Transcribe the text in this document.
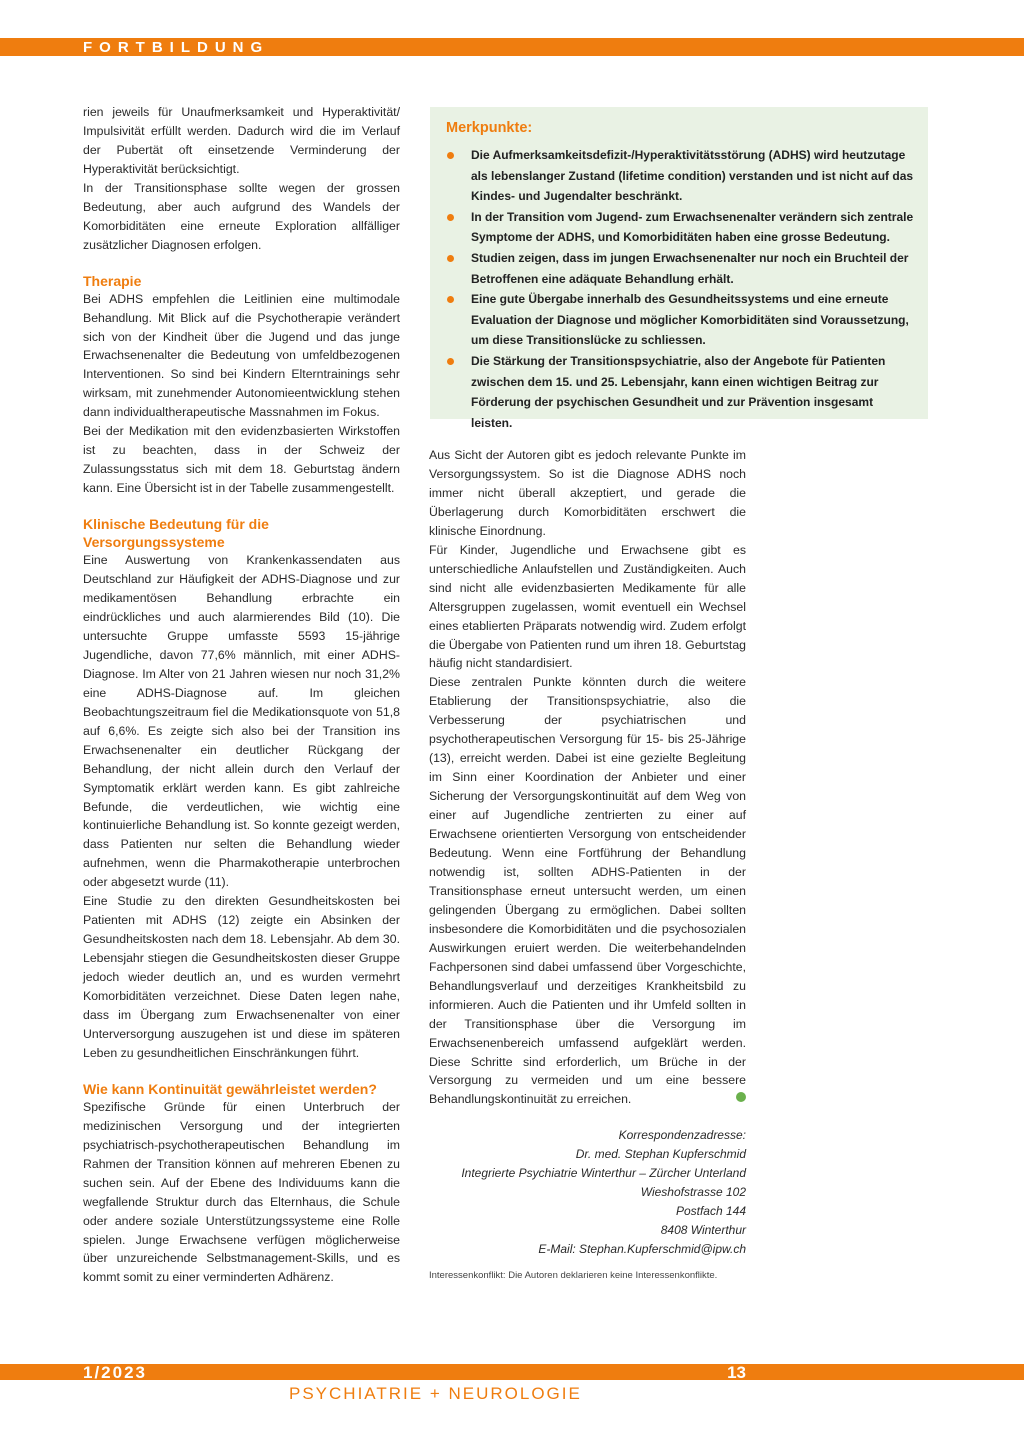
FORTBILDUNG

rien jeweils für Unaufmerksamkeit und Hyperaktivität/ Impulsivität erfüllt werden. Dadurch wird die im Verlauf der Pubertät oft einsetzende Verminderung der Hyperaktivität berücksichtigt.

In der Transitionsphase sollte wegen der grossen Bedeutung, aber auch aufgrund des Wandels der Komorbiditäten eine erneute Exploration allfälliger zusätzlicher Diagnosen erfolgen.

Therapie

Bei ADHS empfehlen die Leitlinien eine multimodale Behandlung. Mit Blick auf die Psychotherapie verändert sich von der Kindheit über die Jugend und das junge Erwachsenenalter die Bedeutung von umfeldbezogenen Interventionen. So sind bei Kindern Elterntrainings sehr wirksam, mit zunehmender Autonomieentwicklung stehen dann individualtherapeutische Massnahmen im Fokus.

Bei der Medikation mit den evidenzbasierten Wirkstoffen ist zu beachten, dass in der Schweiz der Zulassungsstatus sich mit dem 18. Geburtstag ändern kann. Eine Übersicht ist in der Tabelle zusammengestellt.

Klinische Bedeutung für die Versorgungssysteme

Eine Auswertung von Krankenkassendaten aus Deutschland zur Häufigkeit der ADHS-Diagnose und zur medikamentösen Behandlung erbrachte ein eindrückliches und auch alarmierendes Bild (10). Die untersuchte Gruppe umfasste 5593 15-jährige Jugendliche, davon 77,6% männlich, mit einer ADHS-Diagnose. Im Alter von 21 Jahren wiesen nur noch 31,2% eine ADHS-Diagnose auf. Im gleichen Beobachtungszeitraum fiel die Medikationsquote von 51,8 auf 6,6%. Es zeigte sich also bei der Transition ins Erwachsenenalter ein deutlicher Rückgang der Behandlung, der nicht allein durch den Verlauf der Symptomatik erklärt werden kann. Es gibt zahlreiche Befunde, die verdeutlichen, wie wichtig eine kontinuierliche Behandlung ist. So konnte gezeigt werden, dass Patienten nur selten die Behandlung wieder aufnehmen, wenn die Pharmakotherapie unterbrochen oder abgesetzt wurde (11).

Eine Studie zu den direkten Gesundheitskosten bei Patienten mit ADHS (12) zeigte ein Absinken der Gesundheitskosten nach dem 18. Lebensjahr. Ab dem 30. Lebensjahr stiegen die Gesundheitskosten dieser Gruppe jedoch wieder deutlich an, und es wurden vermehrt Komorbiditäten verzeichnet. Diese Daten legen nahe, dass im Übergang zum Erwachsenenalter von einer Unterversorgung auszugehen ist und diese im späteren Leben zu gesundheitlichen Einschränkungen führt.

Wie kann Kontinuität gewährleistet werden?

Spezifische Gründe für einen Unterbruch der medizinischen Versorgung und der integrierten psychiatrisch-psychotherapeutischen Behandlung im Rahmen der Transition können auf mehreren Ebenen zu suchen sein. Auf der Ebene des Individuums kann die wegfallende Struktur durch das Elternhaus, die Schule oder andere soziale Unterstützungssysteme eine Rolle spielen. Junge Erwachsene verfügen möglicherweise über unzureichende Selbstmanagement-Skills, und es kommt somit zu einer verminderten Adhärenz.

Merkpunkte:
Die Aufmerksamkeitsdefizit-/Hyperaktivitätsstörung (ADHS) wird heutzutage als lebenslanger Zustand (lifetime condition) verstanden und ist nicht auf das Kindes- und Jugendalter beschränkt.
In der Transition vom Jugend- zum Erwachsenenalter verändern sich zentrale Symptome der ADHS, und Komorbiditäten haben eine grosse Bedeutung.
Studien zeigen, dass im jungen Erwachsenenalter nur noch ein Bruchteil der Betroffenen eine adäquate Behandlung erhält.
Eine gute Übergabe innerhalb des Gesundheitssystems und eine erneute Evaluation der Diagnose und möglicher Komorbiditäten sind Voraussetzung, um diese Transitionslücke zu schliessen.
Die Stärkung der Transitionspsychiatrie, also der Angebote für Patienten zwischen dem 15. und 25. Lebensjahr, kann einen wichtigen Beitrag zur Förderung der psychischen Gesundheit und zur Prävention insgesamt leisten.

Aus Sicht der Autoren gibt es jedoch relevante Punkte im Versorgungssystem. So ist die Diagnose ADHS noch immer nicht überall akzeptiert, und gerade die Überlagerung durch Komorbiditäten erschwert die klinische Einordnung.

Für Kinder, Jugendliche und Erwachsene gibt es unterschiedliche Anlaufstellen und Zuständigkeiten. Auch sind nicht alle evidenzbasierten Medikamente für alle Altersgruppen zugelassen, womit eventuell ein Wechsel eines etablierten Präparats notwendig wird. Zudem erfolgt die Übergabe von Patienten rund um ihren 18. Geburtstag häufig nicht standardisiert.

Diese zentralen Punkte könnten durch die weitere Etablierung der Transitionspsychiatrie, also die Verbesserung der psychiatrischen und psychotherapeutischen Versorgung für 15- bis 25-Jährige (13), erreicht werden. Dabei ist eine gezielte Begleitung im Sinn einer Koordination der Anbieter und einer Sicherung der Versorgungskontinuität auf dem Weg von einer auf Jugendliche zentrierten zu einer auf Erwachsene orientierten Versorgung von entscheidender Bedeutung. Wenn eine Fortführung der Behandlung notwendig ist, sollten ADHS-Patienten in der Transitionsphase erneut untersucht werden, um einen gelingenden Übergang zu ermöglichen. Dabei sollten insbesondere die Komorbiditäten und die psychosozialen Auswirkungen eruiert werden. Die weiterbehandelnden Fachpersonen sind dabei umfassend über Vorgeschichte, Behandlungsverlauf und derzeitiges Krankheitsbild zu informieren. Auch die Patienten und ihr Umfeld sollten in der Transitionsphase über die Versorgung im Erwachsenenbereich umfassend aufgeklärt werden. Diese Schritte sind erforderlich, um Brüche in der Versorgung zu vermeiden und um eine bessere Behandlungskontinuität zu erreichen.

Korrespondenzadresse:
Dr. med. Stephan Kupferschmid
Integrierte Psychiatrie Winterthur – Zürcher Unterland
Wieshofstrasse 102
Postfach 144
8408 Winterthur
E-Mail: Stephan.Kupferschmid@ipw.ch
Interessenkonflikt: Die Autoren deklarieren keine Interessenkonflikte.
1/2023	13
PSYCHIATRIE + NEUROLOGIE
